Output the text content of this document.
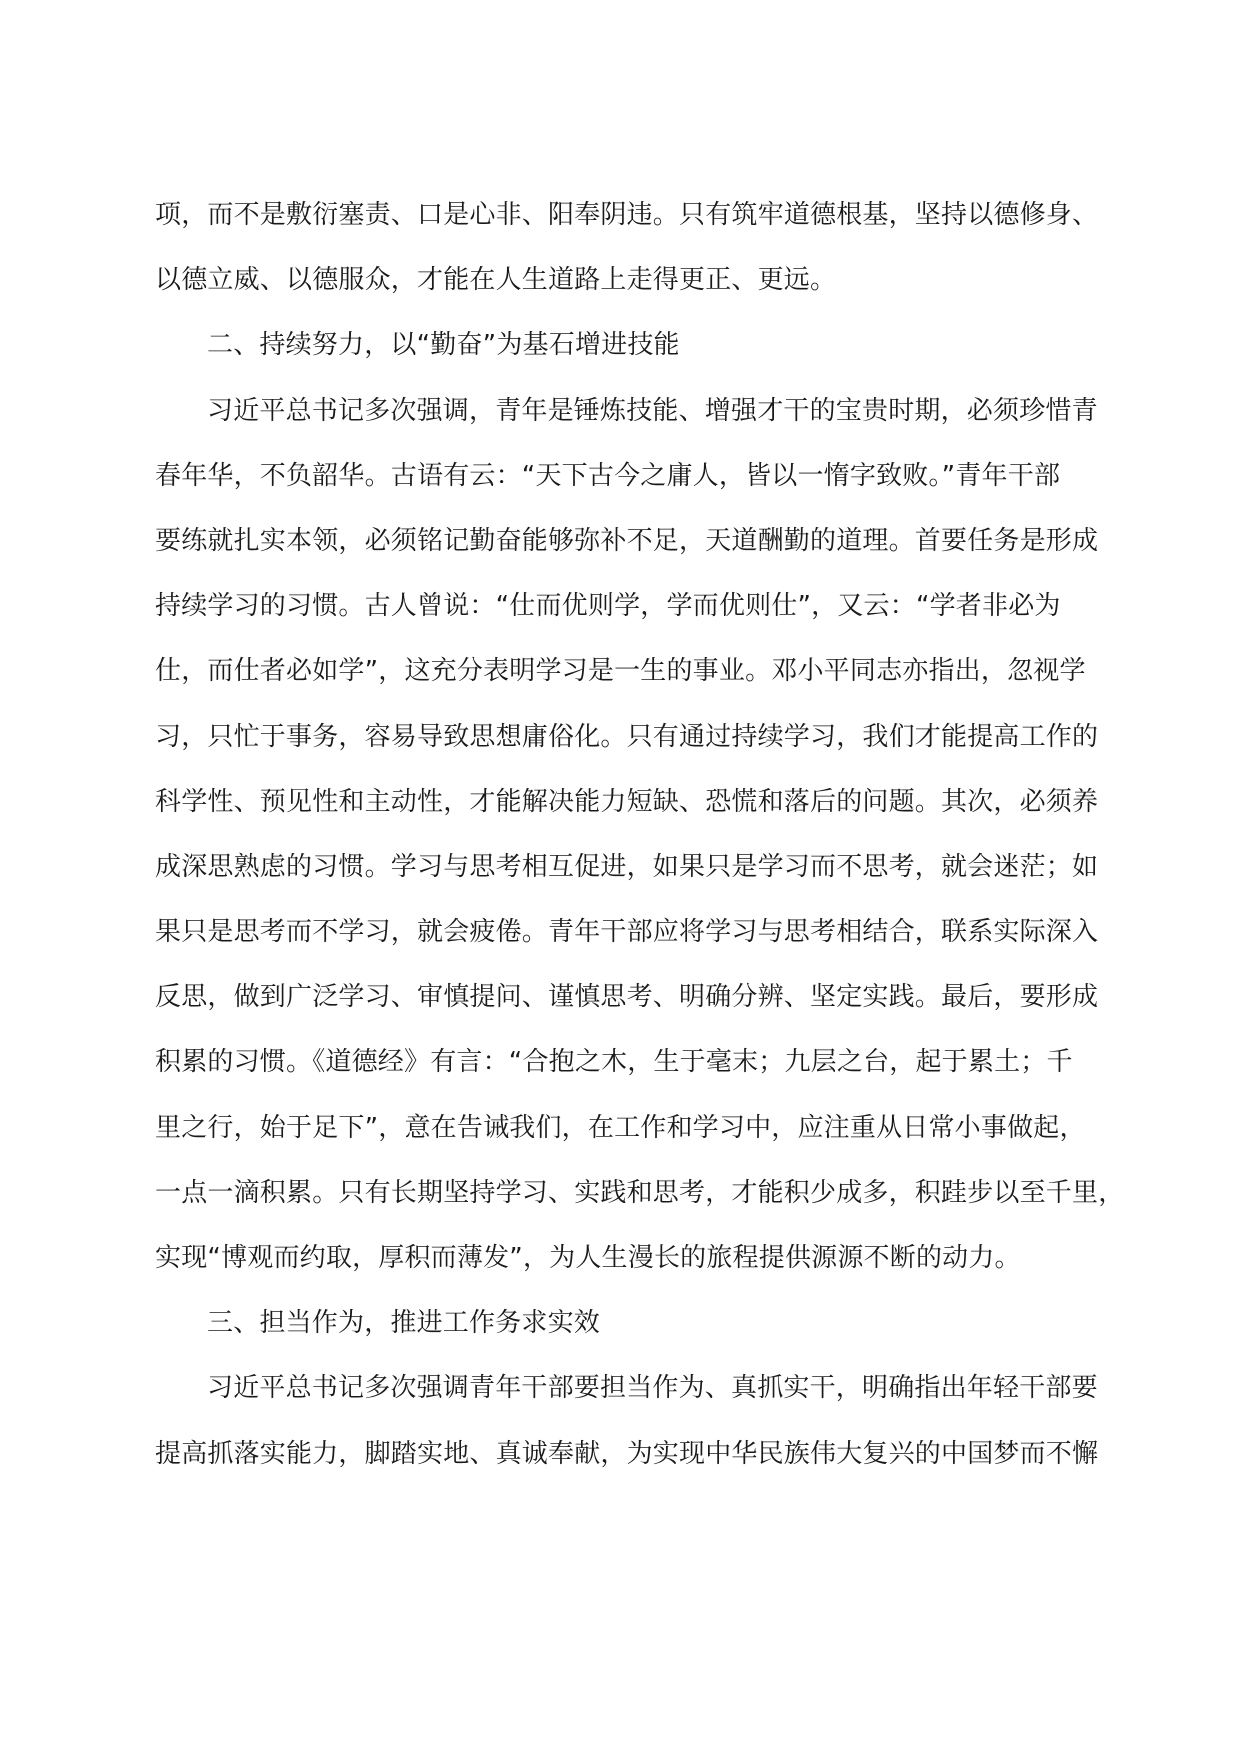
项，而不是敷衍塞责、口是心非、阳奉阴违。只有筑牢道德根基，坚持以德修身、
以德立威、以德服众，才能在人生道路上走得更正、更远。
二、持续努力，以“勤奋”为基石增进技能
习近平总书记多次强调，青年是锤炼技能、增强才干的宝贵时期，必须珍惜青
春年华，不负韶华。古语有云：“天下古今之庸人，皆以一惰字致败。”青年干部
要练就扎实本领，必须铭记勤奋能够弥补不足，天道酬勤的道理。首要任务是形成
持续学习的习惯。古人曾说：“仕而优则学，学而优则仕”，又云：“学者非必为
仕，而仕者必如学”，这充分表明学习是一生的事业。邓小平同志亦指出，忽视学
习，只忙于事务，容易导致思想庸俗化。只有通过持续学习，我们才能提高工作的
科学性、预见性和主动性，才能解决能力短缺、恐慌和落后的问题。其次，必须养
成深思熟虑的习惯。学习与思考相互促进，如果只是学习而不思考，就会迷茫；如
果只是思考而不学习，就会疲倦。青年干部应将学习与思考相结合，联系实际深入
反思，做到广泛学习、审慎提问、谨慎思考、明确分辨、坚定实践。最后，要形成
积累的习惯。《道德经》有言：“合抱之木，生于毫末；九层之台，起于累土；千
里之行，始于足下”，意在告诫我们，在工作和学习中，应注重从日常小事做起，
一点一滴积累。只有长期坚持学习、实践和思考，才能积少成多，积跬步以至千里，
实现“博观而约取，厚积而薄发”，为人生漫长的旅程提供源源不断的动力。
三、担当作为，推进工作务求实效
习近平总书记多次强调青年干部要担当作为、真抓实干，明确指出年轻干部要
提高抓落实能力，脚踏实地、真诚奉献，为实现中华民族伟大复兴的中国梦而不懈
